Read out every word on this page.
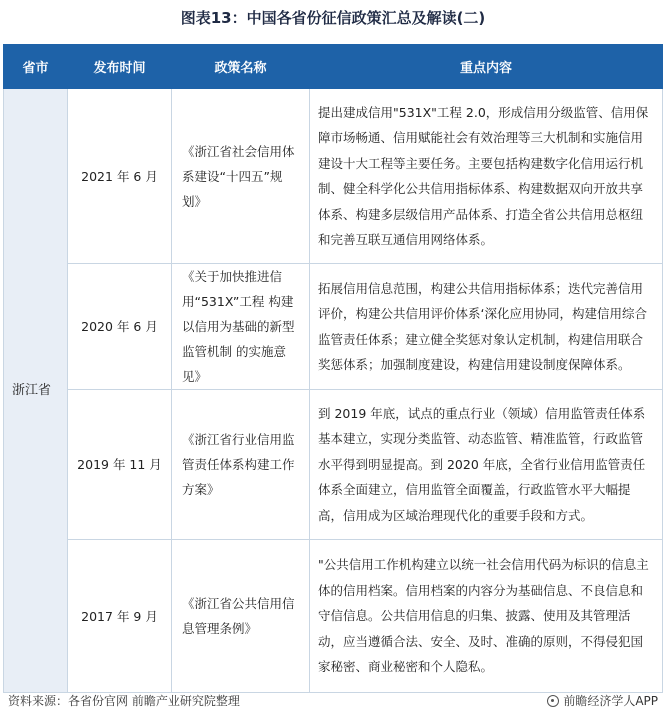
图表13：中国各省份征信政策汇总及解读(二)
省市	发布时间	政策名称	重点内容
浙江省	2021 年 6 月	《浙江省社会信用体系建设“十四五”规划》	提出建成信用"531X"工程 2.0，形成信用分级监管、信用保障市场畅通、信用赋能社会有效治理等三大机制和实施信用建设十大工程等主要任务。主要包括构建数字化信用运行机制、健全科学化公共信用指标体系、构建数据双向开放共享体系、构建多层级信用产品体系、打造全省公共信用总枢纽和完善互联互通信用网络体系。
	2020 年 6 月	《关于加快推进信用“531X”工程 构建以信用为基础的新型监管机制 的实施意见》	拓展信用信息范围，构建公共信用指标体系；迭代完善信用评价，构建公共信用评价体系‘深化应用协同，构建信用综合监管责任体系；建立健全奖惩对象认定机制，构建信用联合奖惩体系；加强制度建设，构建信用建设制度保障体系。
	2019 年 11 月	《浙江省行业信用监管责任体系构建工作方案》	到 2019 年底，试点的重点行业（领域）信用监管责任体系基本建立，实现分类监管、动态监管、精准监管，行政监管水平得到明显提高。到 2020 年底，全省行业信用监管责任体系全面建立，信用监管全面覆盖，行政监管水平大幅提高，信用成为区域治理现代化的重要手段和方式。
	2017 年 9 月	《浙江省公共信用信息管理条例》	"公共信用工作机构建立以统一社会信用代码为标识的信息主体的信用档案。信用档案的内容分为基础信息、不良信息和守信信息。公共信用信息的归集、披露、使用及其管理活动，应当遵循合法、安全、及时、准确的原则，不得侵犯国家秘密、商业秘密和个人隐私。
资料来源：各省份官网 前瞻产业研究院整理	前瞻经济学人APP
